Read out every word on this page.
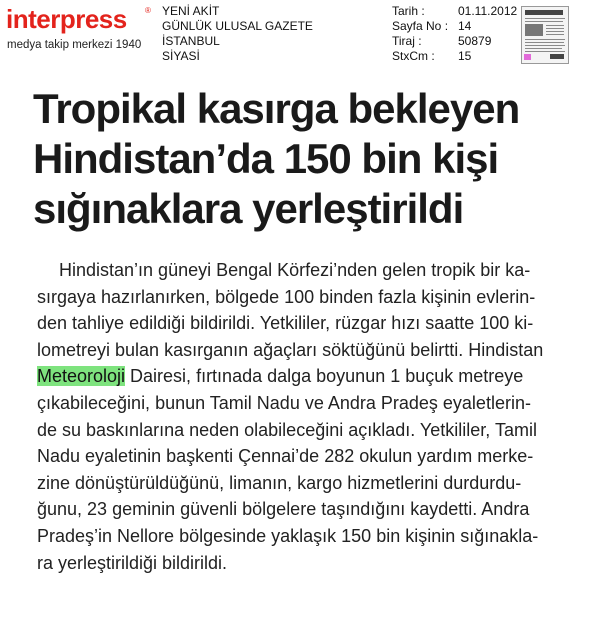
interpress ®
medya takip merkezi 1940
YENİ AKİT
GÜNLÜK ULUSAL GAZETE
İSTANBUL
SİYASİ
Tarih :	01.11.2012
Sayfa No : 14
Tiraj :	50879
StxCm :	15
Tropikal kasırga bekleyen
Hindistan’da 150 bin kişi
sığınaklara yerleştirildi
Hindistan’ın güneyi Bengal Körfezi’nden gelen tropik bir ka-
sırgaya hazırlanırken, bölgede 100 binden fazla kişinin evlerin-
den tahliye edildiği bildirildi. Yetkililer, rüzgar hızı saatte 100 ki-
lometreyi bulan kasırganın ağaçları söktüğünü belirtti. Hindistan
Meteoroloji Dairesi, fırtınada dalga boyunun 1 buçuk metreye
çıkabileceğini, bunun Tamil Nadu ve Andra Pradeş eyaletlerin-
de su baskınlarına neden olabileceğini açıkladı. Yetkililer, Tamil
Nadu eyaletinin başkenti Çennai’de 282 okulun yardım merke-
zine dönüştürüldüğünü, limanın, kargo hizmetlerini durdurdu-
ğunu, 23 geminin güvenli bölgelere taşındığını kaydetti. Andra
Pradeş’in Nellore bölgesinde yaklaşık 150 bin kişinin sığınakla-
ra yerleştirildiği bildirildi.
